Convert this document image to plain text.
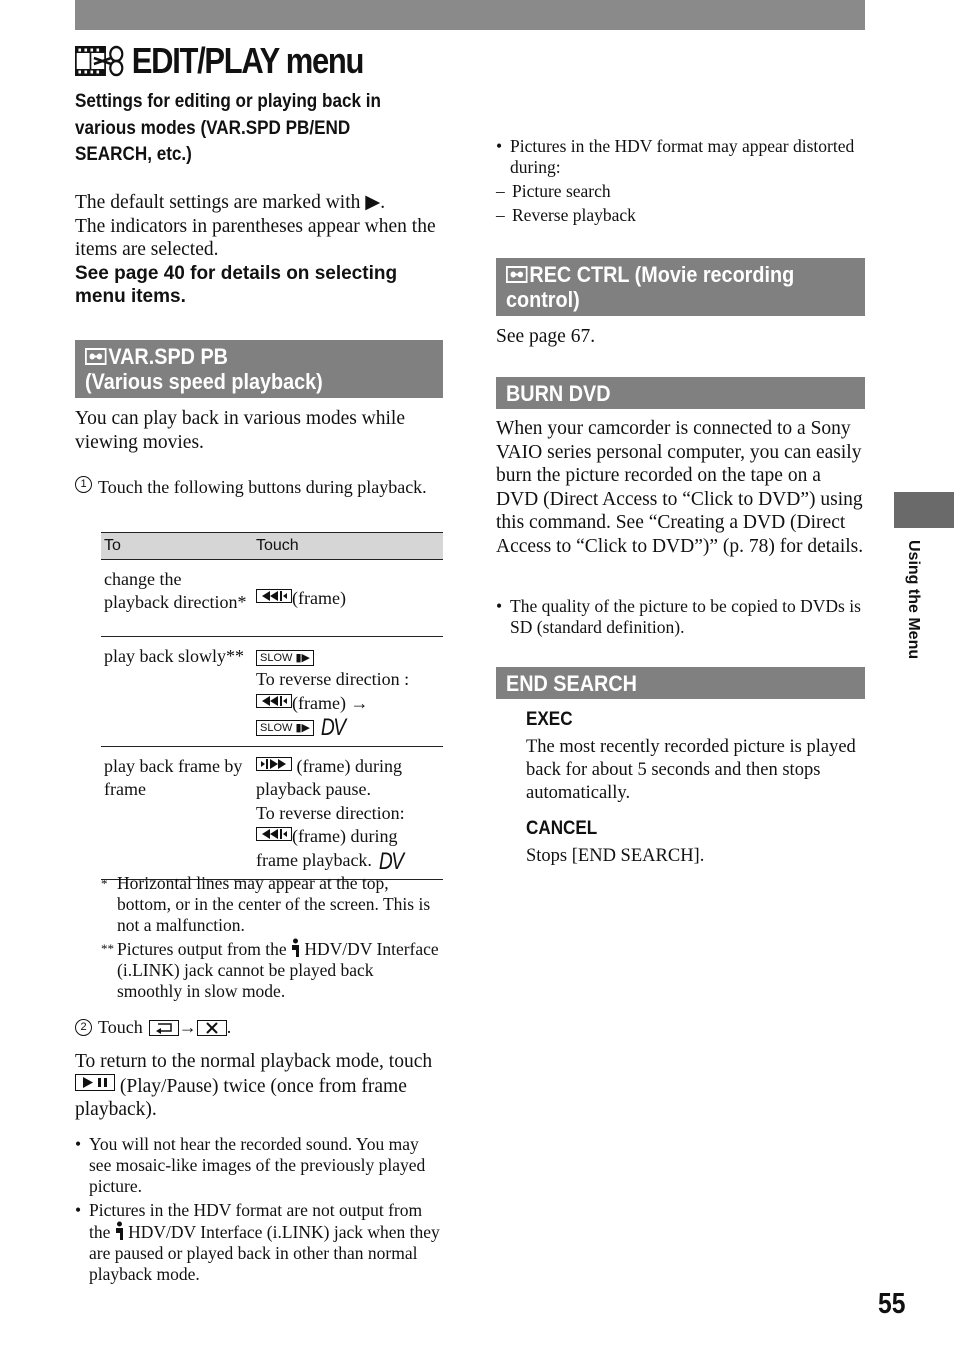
EDIT/PLAY menu
Settings for editing or playing back in various modes (VAR.SPD PB/END SEARCH, etc.)
The default settings are marked with ▶.
The indicators in parentheses appear when the items are selected.
See page 40 for details on selecting menu items.
VAR.SPD PB
(Various speed playback)
You can play back in various modes while viewing movies.
1 Touch the following buttons during playback.
To	Touch
change the playback direction*	(frame)
play back slowly**	SLOW ▮▶
To reverse direction :

(frame) →
SLOW ▮▶ DV
play back frame by frame	(frame) during playback pause.
To reverse direction:

(frame) during frame playback. DV
* Horizontal lines may appear at the top, bottom, or in the center of the screen. This is not a malfunction.
** Pictures output from the HDV/DV Interface (i.LINK) jack cannot be played back smoothly in slow mode.
2 Touch → .
To return to the normal playback mode, touch
(Play/Pause) twice (once from frame playback).
• You will not hear the recorded sound. You may see mosaic-like images of the previously played picture.
• Pictures in the HDV format are not output from the HDV/DV Interface (i.LINK) jack when they are paused or played back in other than normal playback mode.
• Pictures in the HDV format may appear distorted during:
– Picture search
– Reverse playback
REC CTRL (Movie recording control)
See page 67.
BURN DVD
When your camcorder is connected to a Sony VAIO series personal computer, you can easily burn the picture recorded on the tape on a DVD (Direct Access to “Click to DVD”) using this command. See “Creating a DVD (Direct Access to “Click to DVD”)” (p. 78) for details.
• The quality of the picture to be copied to DVDs is SD (standard definition).
END SEARCH
EXEC
The most recently recorded picture is played back for about 5 seconds and then stops automatically.
CANCEL
Stops [END SEARCH].
Using the Menu
55
